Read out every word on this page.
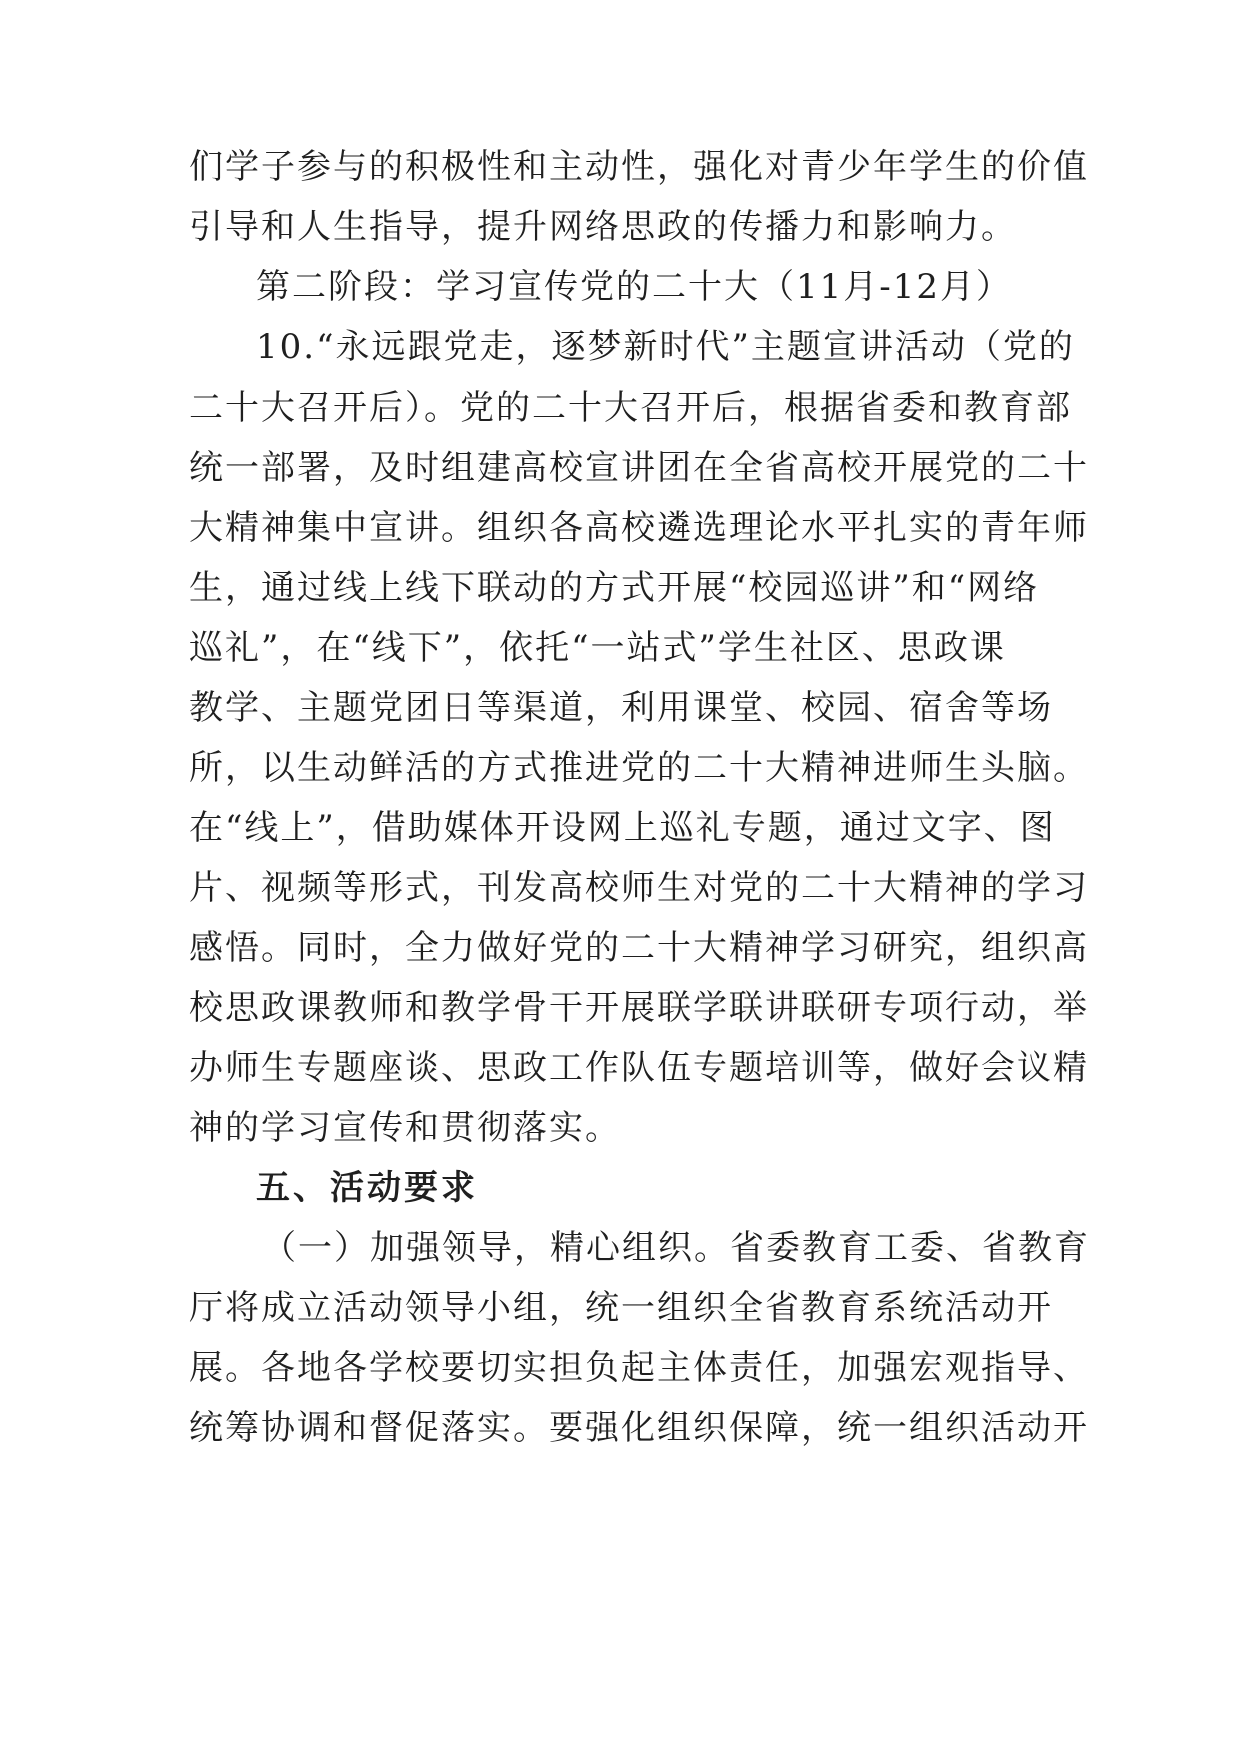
们学子参与的积极性和主动性，强化对青少年学生的价值
引导和人生指导，提升网络思政的传播力和影响力。
第二阶段：学习宣传党的二十大（11月-12月）
10.“永远跟党走，逐梦新时代”主题宣讲活动（党的
二十大召开后）。党的二十大召开后，根据省委和教育部
统一部署，及时组建高校宣讲团在全省高校开展党的二十
大精神集中宣讲。组织各高校遴选理论水平扎实的青年师
生，通过线上线下联动的方式开展“校园巡讲”和“网络
巡礼”，在“线下”，依托“一站式”学生社区、思政课
教学、主题党团日等渠道，利用课堂、校园、宿舍等场
所，以生动鲜活的方式推进党的二十大精神进师生头脑。
在“线上”，借助媒体开设网上巡礼专题，通过文字、图
片、视频等形式，刊发高校师生对党的二十大精神的学习
感悟。同时，全力做好党的二十大精神学习研究，组织高
校思政课教师和教学骨干开展联学联讲联研专项行动，举
办师生专题座谈、思政工作队伍专题培训等，做好会议精
神的学习宣传和贯彻落实。
五、活动要求
（一）加强领导，精心组织。省委教育工委、省教育
厅将成立活动领导小组，统一组织全省教育系统活动开
展。各地各学校要切实担负起主体责任，加强宏观指导、
统筹协调和督促落实。要强化组织保障，统一组织活动开
